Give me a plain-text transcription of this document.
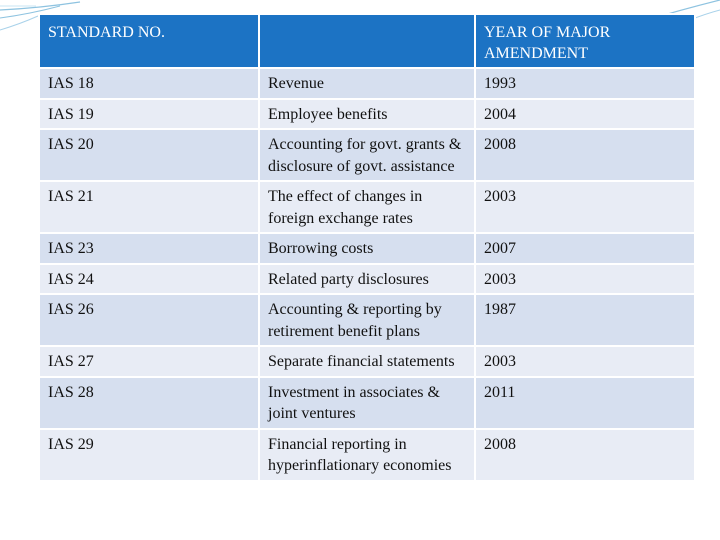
STANDARD NO.		YEAR OF MAJOR AMENDMENT
IAS 18	Revenue	1993
IAS 19	Employee benefits	2004
IAS 20	Accounting for govt. grants & disclosure of govt. assistance	2008
IAS 21	The effect of changes in foreign exchange rates	2003
IAS 23	Borrowing costs	2007
IAS 24	Related party disclosures	2003
IAS 26	Accounting & reporting by retirement benefit plans	1987
IAS 27	Separate financial statements	2003
IAS 28	Investment in associates & joint ventures	2011
IAS 29	Financial reporting in hyperinflationary economies	2008
